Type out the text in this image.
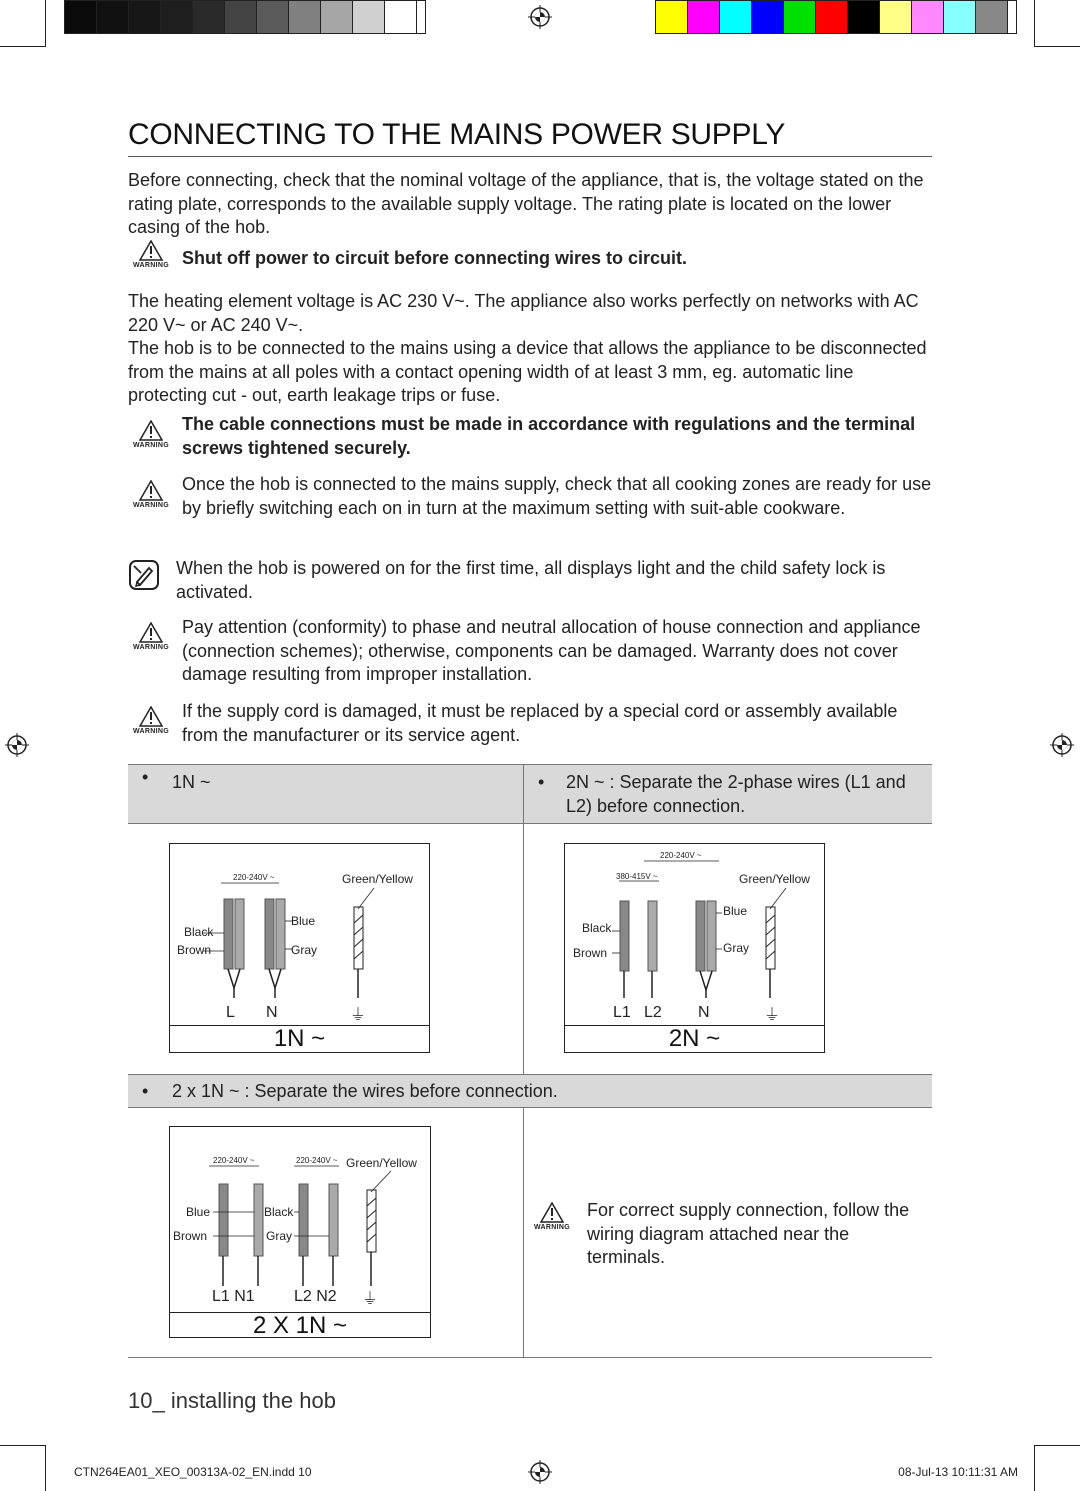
CONNECTING TO THE MAINS POWER SUPPLY
Before connecting, check that the nominal voltage of the appliance, that is, the voltage stated on the rating plate, corresponds to the available supply voltage. The rating plate is located on the lower casing of the hob.
WARNING Shut off power to circuit before connecting wires to circuit.
The heating element voltage is AC 230 V~. The appliance also works perfectly on networks with AC 220 V~ or AC 240 V~.
The hob is to be connected to the mains using a device that allows the appliance to be disconnected from the mains at all poles with a contact opening width of at least 3 mm, eg. automatic line protecting cut - out, earth leakage trips or fuse.
WARNING
The cable connections must be made in accordance with regulations and the terminal screws tightened securely.
WARNING
Once the hob is connected to the mains supply, check that all cooking zones are ready for use by briefly switching each on in turn at the maximum setting with suit-able cookware.
When the hob is powered on for the first time, all displays light and the child safety lock is activated.
WARNING
Pay attention (conformity) to phase and neutral allocation of house connection and appliance (connection schemes); otherwise, components can be damaged. Warranty does not cover damage resulting from improper installation.
WARNING
If the supply cord is damaged, it must be replaced by a special cord or assembly available from the manufacturer or its service agent.
• 1N ~	• 2N ~ : Separate the 2-phase wires (L1 and L2) before connection.
220-240V ~	Green/Yellow
Black
Brown
Blue
Gray
L N	⏚
1N ~
220-240V ~
380-415V ~	Green/Yellow
Black
Brown
Blue
Gray
L1 L2 N	⏚
2N ~
• 2 x 1N ~ : Separate the wires before connection.
220-240V ~	220-240V ~ Green/Yellow
Blue
Brown
Black
Gray
L1 N1 L2 N2 ⏚
2 X 1N ~
WARNING
For correct supply connection, follow the wiring diagram attached near the terminals.
10_ installing the hob
CTN264EA01_XEO_00313A-02_EN.indd 10	08-Jul-13 10:11:31 AM
